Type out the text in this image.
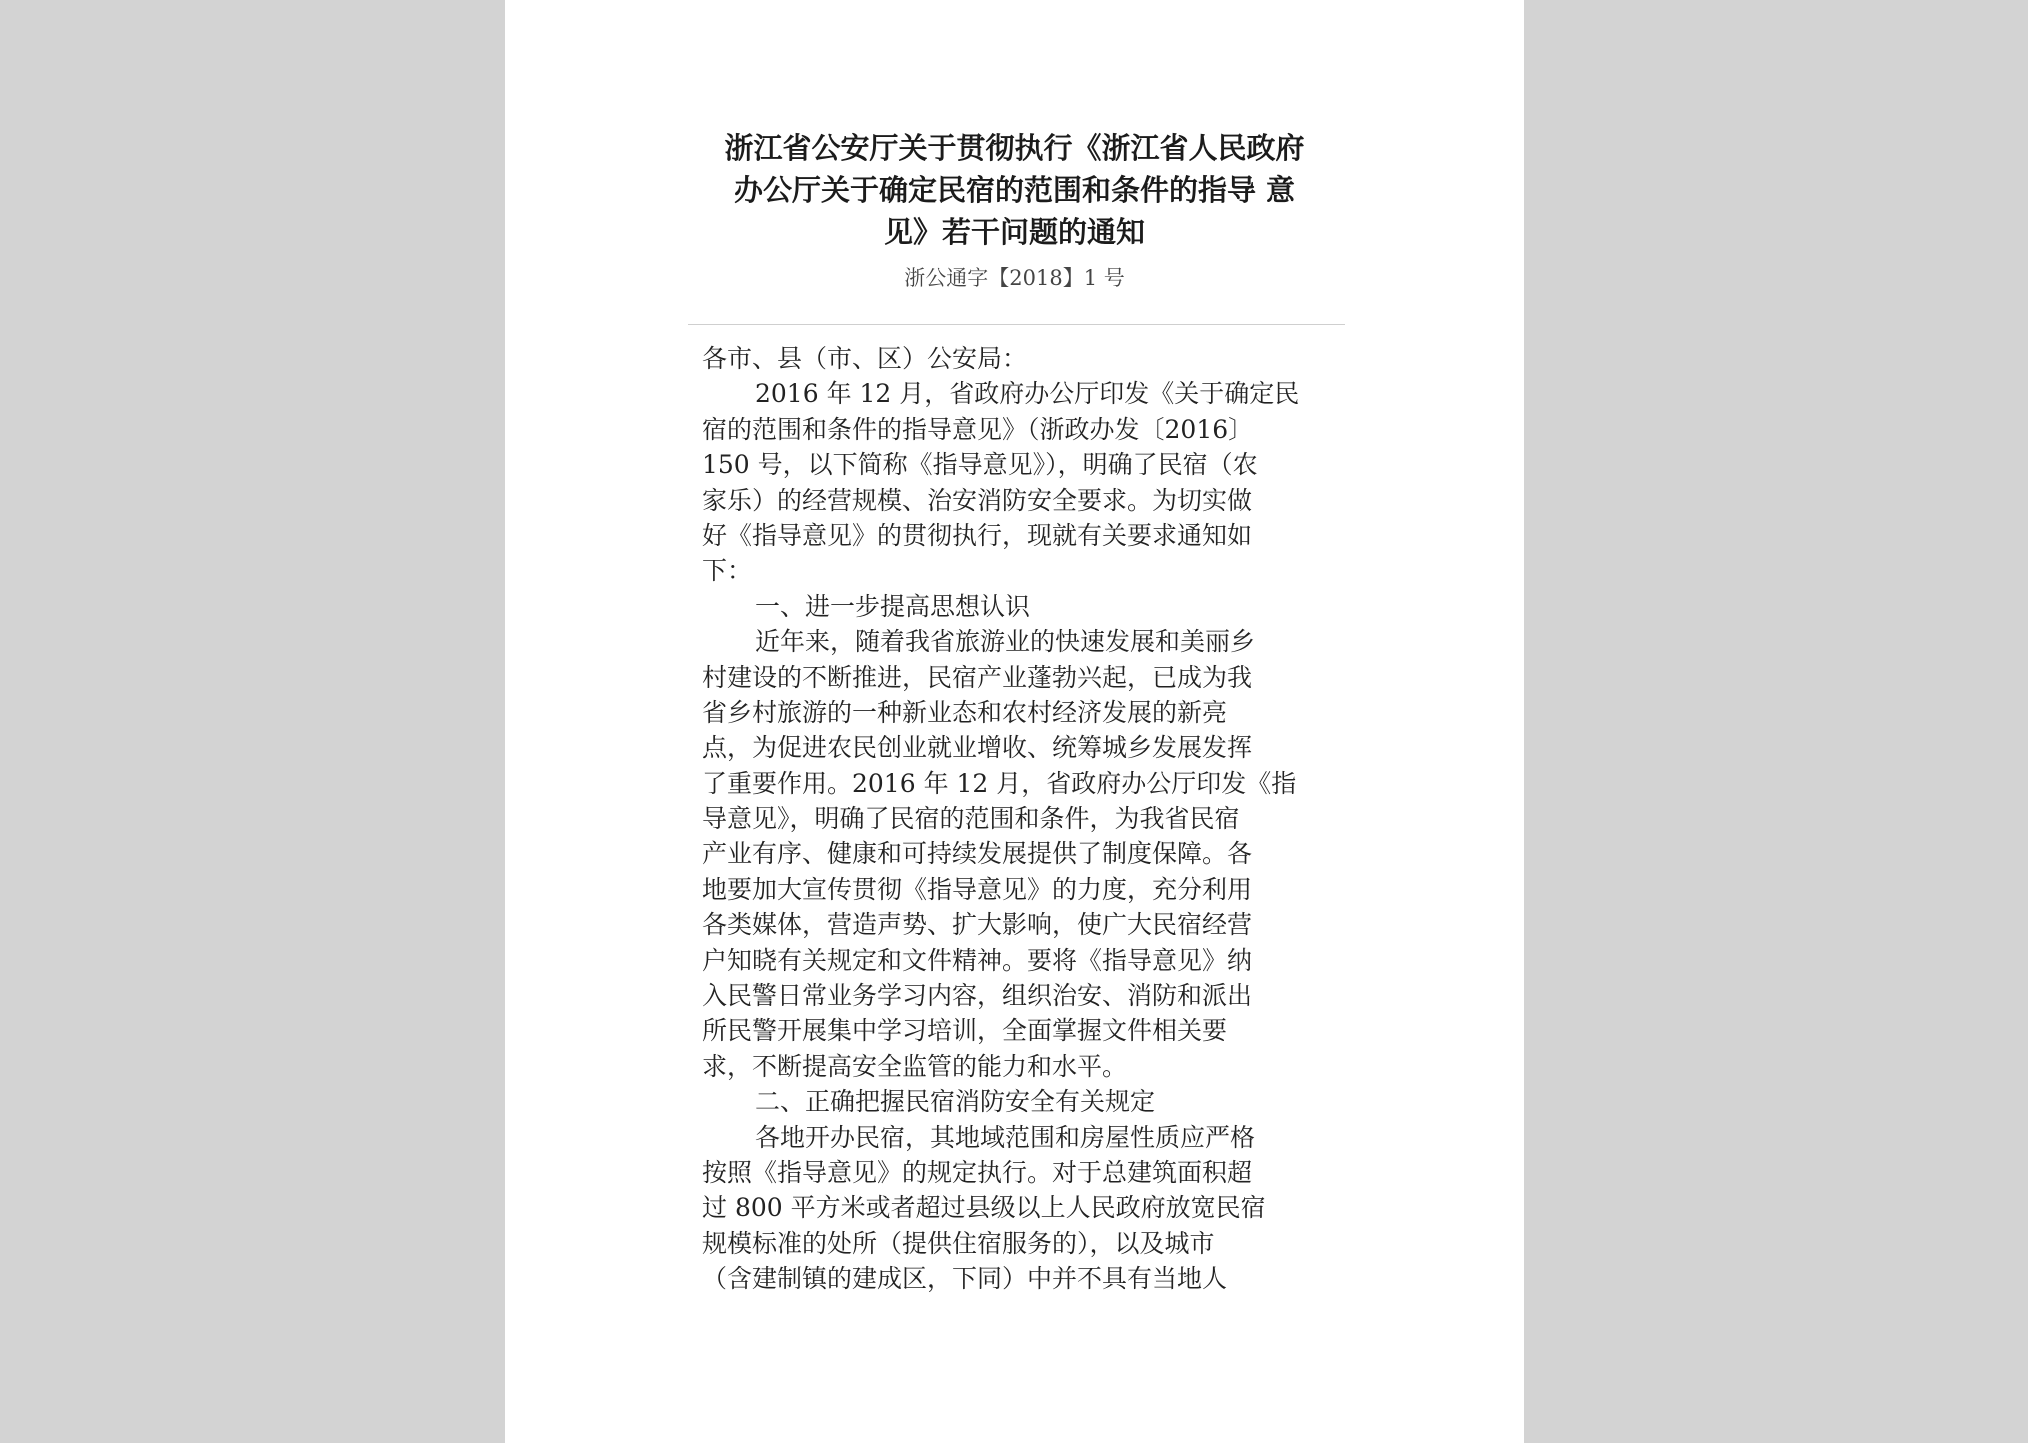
浙江省公安厅关于贯彻执行《浙江省人民政府
办公厅关于确定民宿的范围和条件的指导 意
见》若干问题的通知
浙公通字【2018】1 号
各市、县（市、区）公安局：
2016 年 12 月，省政府办公厅印发《关于确定民
宿的范围和条件的指导意见》（浙政办发〔2016〕
150 号，以下简称《指导意见》），明确了民宿（农
家乐）的经营规模、治安消防安全要求。为切实做
好《指导意见》的贯彻执行，现就有关要求通知如
下：
一、进一步提高思想认识
近年来，随着我省旅游业的快速发展和美丽乡
村建设的不断推进，民宿产业蓬勃兴起，已成为我
省乡村旅游的一种新业态和农村经济发展的新亮
点，为促进农民创业就业增收、统筹城乡发展发挥
了重要作用。2016 年 12 月，省政府办公厅印发《指
导意见》，明确了民宿的范围和条件，为我省民宿
产业有序、健康和可持续发展提供了制度保障。各
地要加大宣传贯彻《指导意见》的力度，充分利用
各类媒体，营造声势、扩大影响，使广大民宿经营
户知晓有关规定和文件精神。要将《指导意见》纳
入民警日常业务学习内容，组织治安、消防和派出
所民警开展集中学习培训，全面掌握文件相关要
求，不断提高安全监管的能力和水平。
二、正确把握民宿消防安全有关规定
各地开办民宿，其地域范围和房屋性质应严格
按照《指导意见》的规定执行。对于总建筑面积超
过 800 平方米或者超过县级以上人民政府放宽民宿
规模标准的处所（提供住宿服务的），以及城市
（含建制镇的建成区，下同）中并不具有当地人
